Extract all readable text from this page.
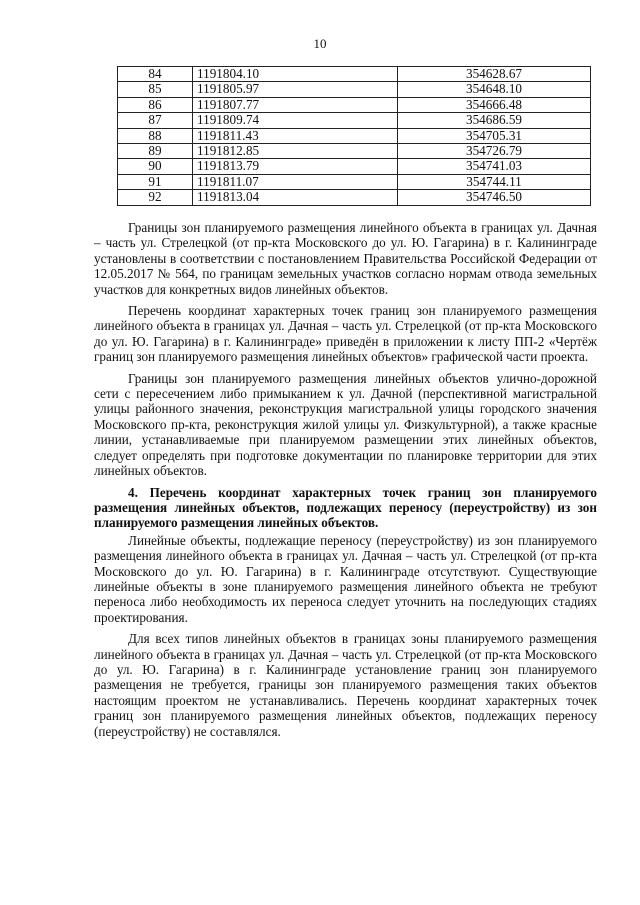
10
84	1191804.10	354628.67
85	1191805.97	354648.10
86	1191807.77	354666.48
87	1191809.74	354686.59
88	1191811.43	354705.31
89	1191812.85	354726.79
90	1191813.79	354741.03
91	1191811.07	354744.11
92	1191813.04	354746.50

Границы зон планируемого размещения линейного объекта в границах ул. Дачная – часть ул. Стрелецкой (от пр-кта Московского до ул. Ю. Гагарина) в г. Калининграде установлены в соответствии с постановлением Правительства Российской Федерации от 12.05.2017 № 564, по границам земельных участков согласно нормам отвода земельных участков для конкретных видов линейных объектов.

Перечень координат характерных точек границ зон планируемого размещения линейного объекта в границах ул. Дачная – часть ул. Стрелецкой (от пр-кта Московского до ул. Ю. Гагарина) в г. Калининграде» приведён в приложении к листу ПП-2 «Чертёж границ зон планируемого размещения линейных объектов» графической части проекта.

Границы зон планируемого размещения линейных объектов улично-дорожной сети с пересечением либо примыканием к ул. Дачной (перспективной магистральной улицы районного значения, реконструкция магистральной улицы городского значения Московского пр-кта, реконструкция жилой улицы ул. Физкультурной), а также красные линии, устанавливаемые при планируемом размещении этих линейных объектов, следует определять при подготовке документации по планировке территории для этих линейных объектов.

4. Перечень координат характерных точек границ зон планируемого размещения линейных объектов, подлежащих переносу (переустройству) из зон планируемого размещения линейных объектов.

Линейные объекты, подлежащие переносу (переустройству) из зон планируемого размещения линейного объекта в границах ул. Дачная – часть ул. Стрелецкой (от пр-кта Московского до ул. Ю. Гагарина) в г. Калининграде отсутствуют. Существующие линейные объекты в зоне планируемого размещения линейного объекта не требуют переноса либо необходимость их переноса следует уточнить на последующих стадиях проектирования.

Для всех типов линейных объектов в границах зоны планируемого размещения линейного объекта в границах ул. Дачная – часть ул. Стрелецкой (от пр-кта Московского до ул. Ю. Гагарина) в г. Калининграде установление границ зон планируемого размещения не требуется, границы зон планируемого размещения таких объектов настоящим проектом не устанавливались. Перечень координат характерных точек границ зон планируемого размещения линейных объектов, подлежащих переносу (переустройству) не составлялся.
